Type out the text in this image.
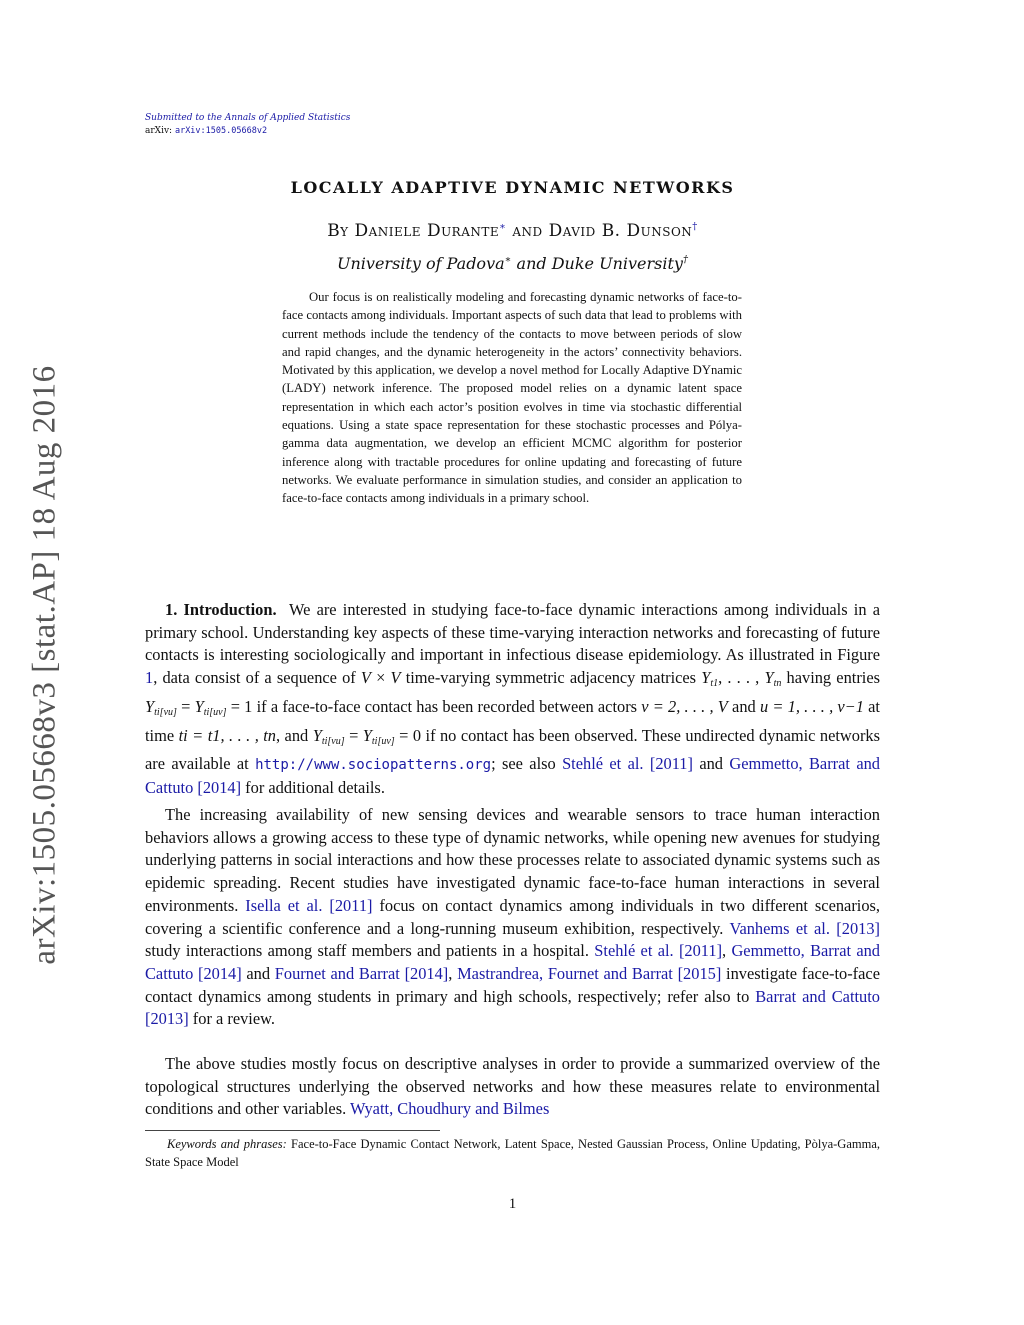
Submitted to the Annals of Applied Statistics
arXiv: arXiv:1505.05668v2
arXiv:1505.05668v3 [stat.AP] 18 Aug 2016
LOCALLY ADAPTIVE DYNAMIC NETWORKS
By Daniele Durante∗ and David B. Dunson†
University of Padova∗ and Duke University†
Our focus is on realistically modeling and forecasting dynamic networks of face-to-face contacts among individuals. Important aspects of such data that lead to problems with current methods include the tendency of the contacts to move between periods of slow and rapid changes, and the dynamic heterogeneity in the actors’ connectivity behaviors. Motivated by this application, we develop a novel method for Locally Adaptive DYnamic (LADY) network inference. The proposed model relies on a dynamic latent space representation in which each actor’s position evolves in time via stochastic differential equations. Using a state space representation for these stochastic processes and Pólya-gamma data augmentation, we develop an efficient MCMC algorithm for posterior inference along with tractable procedures for online updating and forecasting of future networks. We evaluate performance in simulation studies, and consider an application to face-to-face contacts among individuals in a primary school.

1. Introduction. We are interested in studying face-to-face dynamic interactions among individuals in a primary school. Understanding key aspects of these time-varying interaction networks and forecasting of future contacts is interesting sociologically and important in infectious disease epidemiology. As illustrated in Figure 1, data consist of a sequence of V × V time-varying symmetric adjacency matrices $Y_{t1}$, . . . , $Y_{tn}$ having entries $Y_{ti[vu]} = Y_{ti[uv]} = 1$ if a face-to-face contact has been recorded between actors v = 2, . . . , V and u = 1, . . . , v−1 at time ti = t1, . . . , tn, and $Y_{ti[vu]} = Y_{ti[uv]} = 0$ if no contact has been observed. These undirected dynamic networks are available at http://www.sociopatterns.org; see also Stehlé et al. [2011] and Gemmetto, Barrat and Cattuto [2014] for additional details.

The increasing availability of new sensing devices and wearable sensors to trace human interaction behaviors allows a growing access to these type of dynamic networks, while opening new avenues for studying underlying patterns in social interactions and how these processes relate to associated dynamic systems such as epidemic spreading. Recent studies have investigated dynamic face-to-face human interactions in several environments. Isella et al. [2011] focus on contact dynamics among individuals in two different scenarios, covering a scientific conference and a long-running museum exhibition, respectively. Vanhems et al. [2013] study interactions among staff members and patients in a hospital. Stehlé et al. [2011], Gemmetto, Barrat and Cattuto [2014] and Fournet and Barrat [2014], Mastrandrea, Fournet and Barrat [2015] investigate face-to-face contact dynamics among students in primary and high schools, respectively; refer also to Barrat and Cattuto [2013] for a review.

The above studies mostly focus on descriptive analyses in order to provide a summarized overview of the topological structures underlying the observed networks and how these measures relate to environmental conditions and other variables. Wyatt, Choudhury and Bilmes

Keywords and phrases: Face-to-Face Dynamic Contact Network, Latent Space, Nested Gaussian Process, Online Updating, Pòlya-Gamma, State Space Model
1
